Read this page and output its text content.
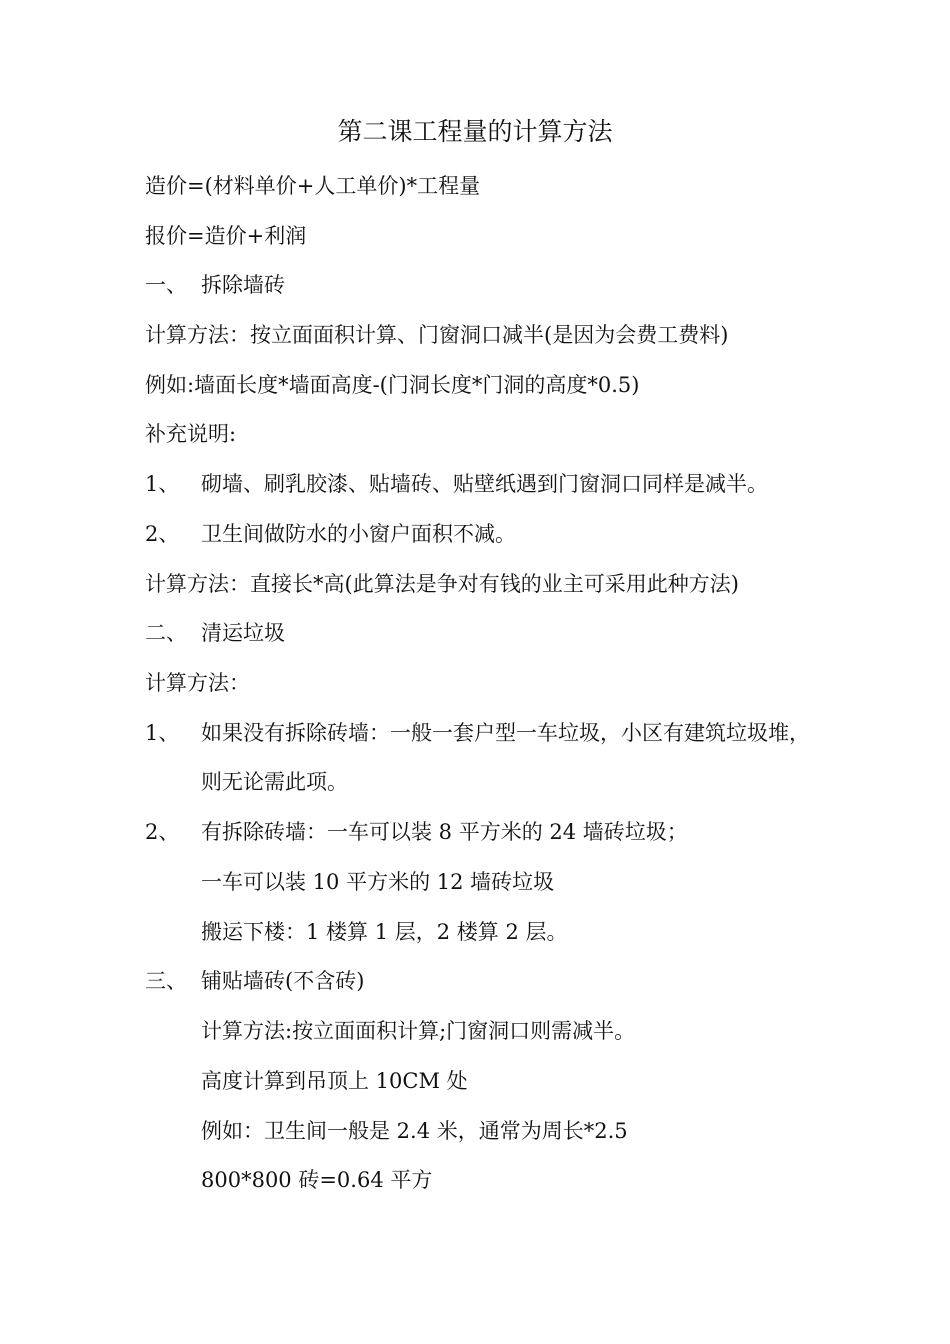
第二课工程量的计算方法
造价=(材料单价+人工单价)*工程量
报价=造价+利润
一、 拆除墙砖
计算方法：按立面面积计算、门窗洞口减半(是因为会费工费料)
例如:墙面长度*墙面高度-(门洞长度*门洞的高度*0.5)
补充说明:
1、 砌墙、刷乳胶漆、贴墙砖、贴壁纸遇到门窗洞口同样是减半。
2、 卫生间做防水的小窗户面积不减。
计算方法：直接长*高(此算法是争对有钱的业主可采用此种方法)
二、 清运垃圾
计算方法：
1、 如果没有拆除砖墙：一般一套户型一车垃圾，小区有建筑垃圾堆，
则无论需此项。
2、 有拆除砖墙：一车可以装 8 平方米的 24 墙砖垃圾；
一车可以装 10 平方米的 12 墙砖垃圾
搬运下楼：1 楼算 1 层，2 楼算 2 层。
三、 铺贴墙砖(不含砖)
计算方法:按立面面积计算;门窗洞口则需减半。
高度计算到吊顶上 10CM 处
例如：卫生间一般是 2.4 米，通常为周长*2.5
800*800 砖=0.64 平方
